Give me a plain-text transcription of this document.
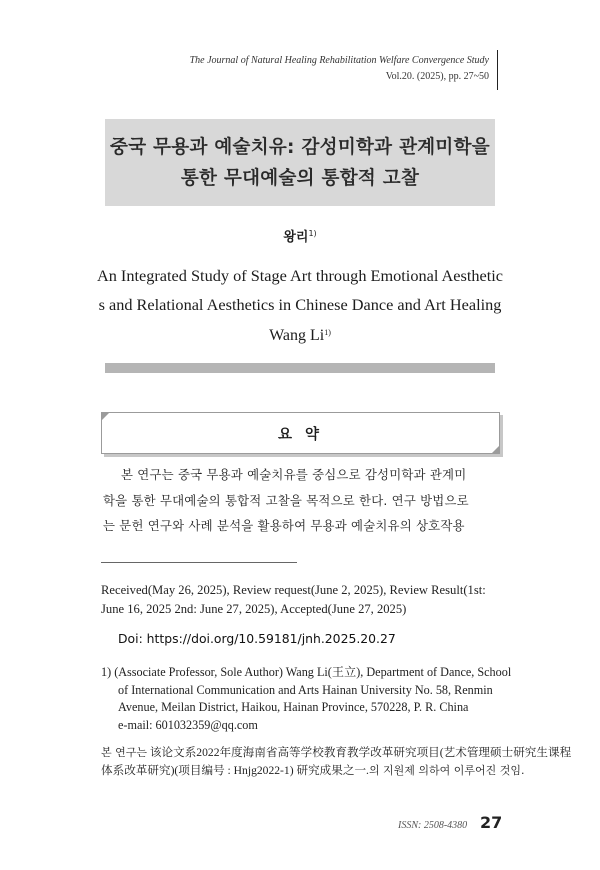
The Journal of Natural Healing Rehabilitation Welfare Convergence Study
Vol.20. (2025), pp. 27~50
중국 무용과 예술치유: 감성미학과 관계미학을
통한 무대예술의 통합적 고찰
왕리$^{1)}$
An Integrated Study of Stage Art through Emotional Aesthetic
s and Relational Aesthetics in Chinese Dance and Art Healing
Wang Li$^{1)}$
요 약
본 연구는 중국 무용과 예술치유를 중심으로 감성미학과 관계미
학을 통한 무대예술의 통합적 고찰을 목적으로 한다. 연구 방법으로
는 문헌 연구와 사례 분석을 활용하여 무용과 예술치유의 상호작용
Received(May 26, 2025), Review request(June 2, 2025), Review Result(1st:
June 16, 2025 2nd: June 27, 2025), Accepted(June 27, 2025)
Doi: https://doi.org/10.59181/jnh.2025.20.27
1) (Associate Professor, Sole Author) Wang Li(王立), Department of Dance, School
of International Communication and Arts Hainan University No. 58, Renmin
Avenue, Meilan District, Haikou, Hainan Province, 570228, P. R. China
e-mail: 601032359@qq.com
본 연구는 该论文系2022年度海南省高等学校教育教学改革研究项目(艺术管理硕士研究生课程
体系改革研究)(项目编号 : Hnjg2022-1) 研究成果之一.의 지원제 의하여 이루어진 것임.
ISSN: 2508-4380 27
